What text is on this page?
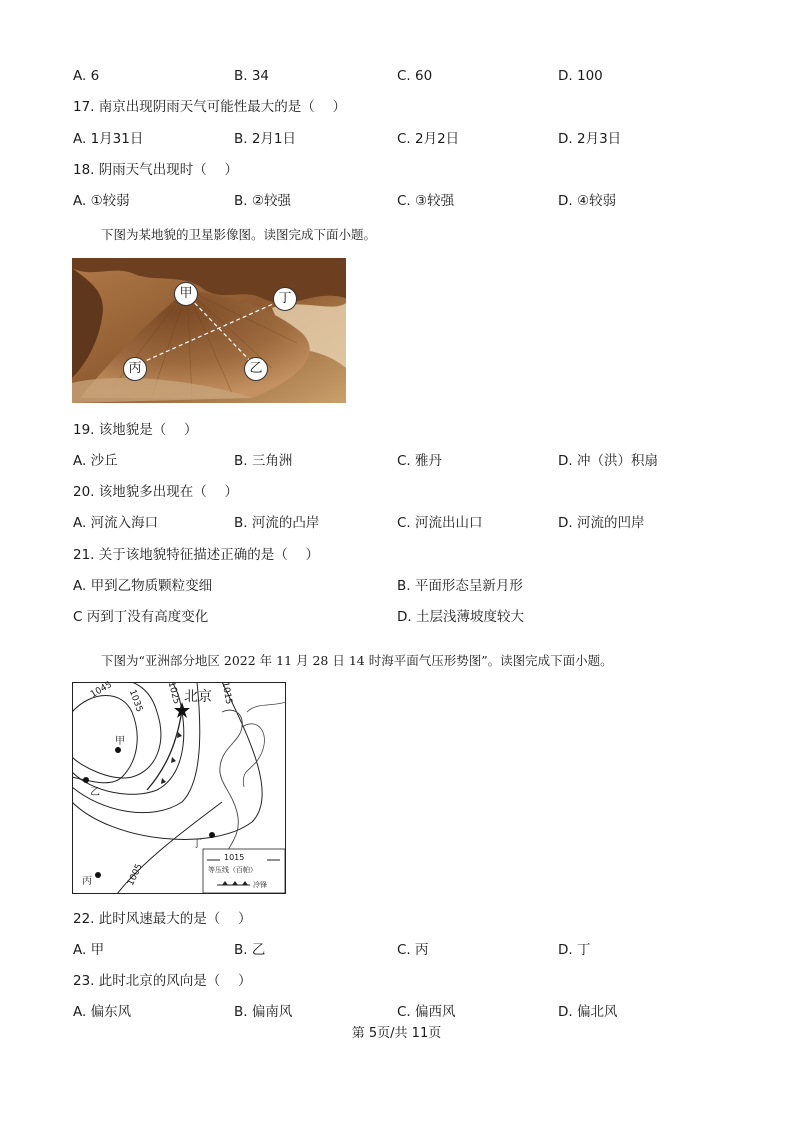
A. 6	B. 34	C. 60	D. 100
17. 南京出现阴雨天气可能性最大的是（　 ）
A. 1月31日	B. 2月1日	C. 2月2日	D. 2月3日
18. 阴雨天气出现时（　 ）
A. ①较弱	B. ②较强	C. ③较强	D. ④较弱
下图为某地貌的卫星影像图。读图完成下面小题。
甲	丁
丙	乙
19. 该地貌是（　 ）
A. 沙丘	B. 三角洲	C. 雅丹	D. 冲（洪）积扇
20. 该地貌多出现在（　 ）
A. 河流入海口	B. 河流的凸岸	C. 河流出山口	D. 河流的凹岸
21. 关于该地貌特征描述正确的是（　 ）
A. 甲到乙物质颗粒变细	B. 平面形态呈新月形
C 丙到丁没有高度变化	D. 土层浅薄坡度较大
下图为“亚洲部分地区 2022 年 11 月 28 日 14 时海平面气压形势图”。读图完成下面小题。
1045 1035 1025	1015
1005
北京
甲
乙
丁
丙
1015
等压线（百帕）
冷锋
22. 此时风速最大的是（　 ）
A. 甲	B. 乙	C. 丙	D. 丁
23. 此时北京的风向是（　 ）
A. 偏东风	B. 偏南风	C. 偏西风	D. 偏北风
第 5页/共 11页
